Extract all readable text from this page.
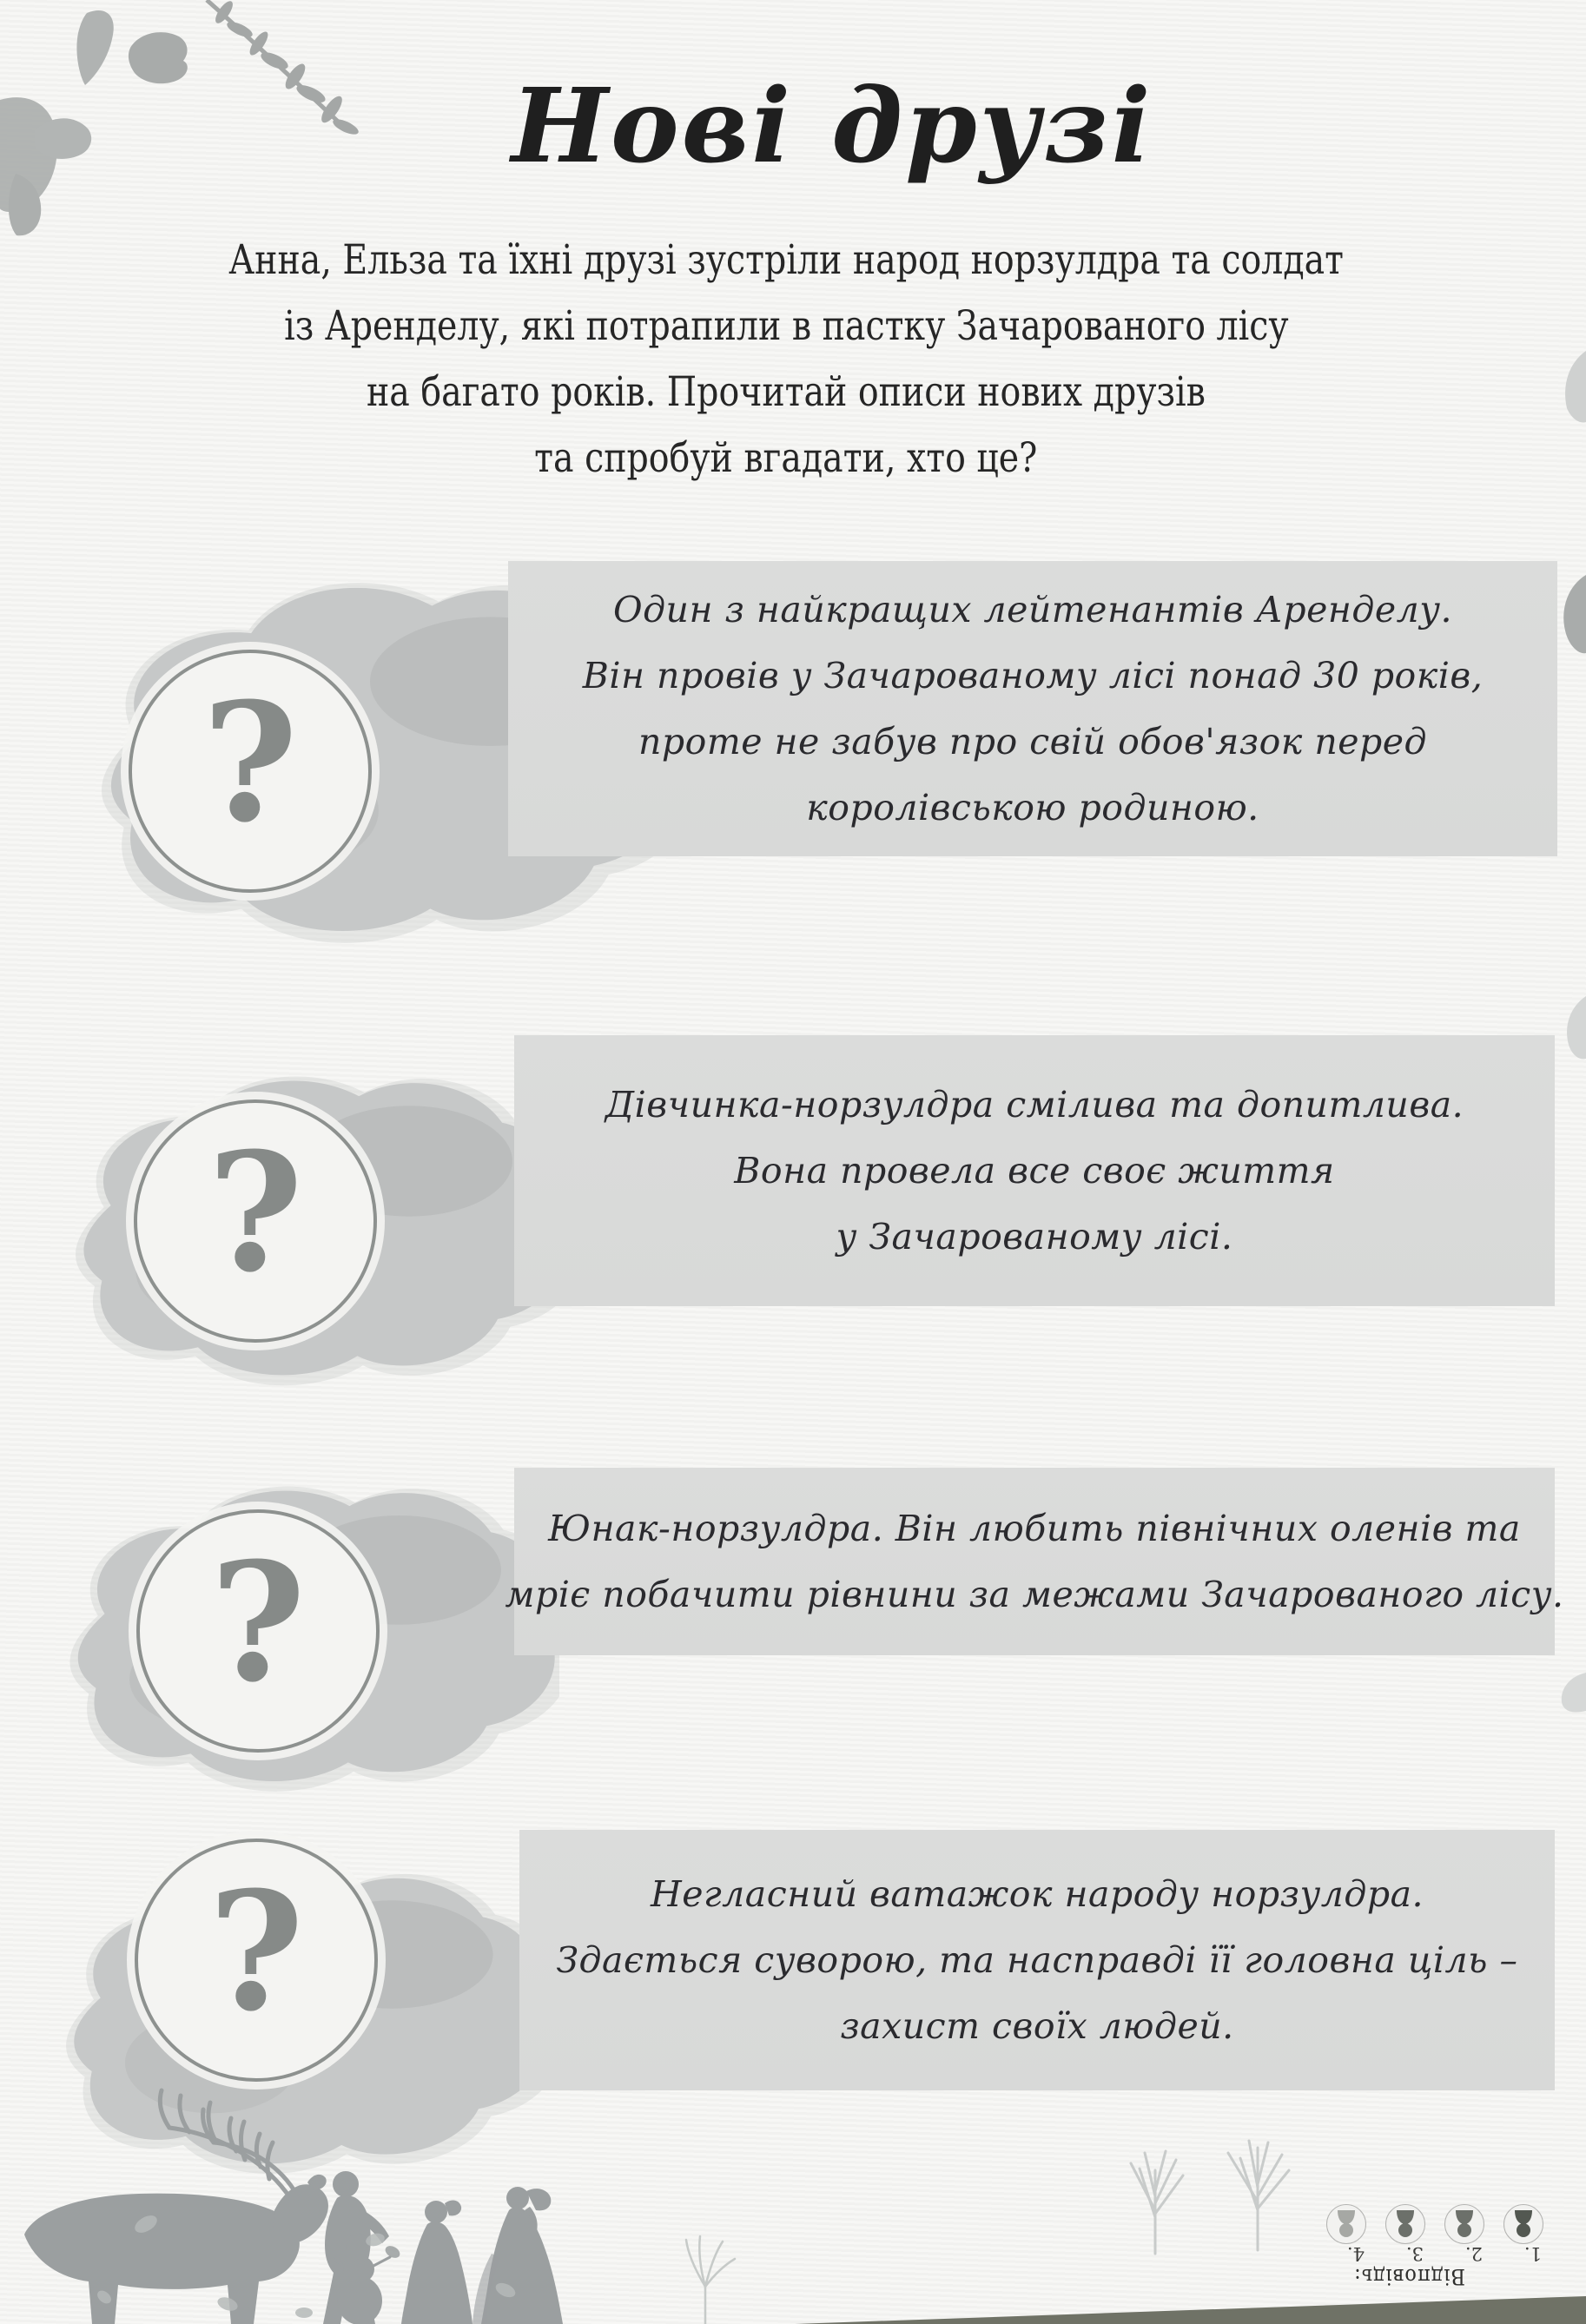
Нові друзі
Анна, Ельза та їхні друзі зустріли народ норзулдра та солдат
із Аренделу, які потрапили в пастку Зачарованого лісу
на багато років. Прочитай описи нових друзів
та спробуй вгадати, хто це?
?
Один з найкращих лейтенантів Аренделу.
Він провів у Зачарованому лісі понад 30 років,
проте не забув про свій обов'язок перед
королівською родиною.
?
Дівчинка-норзулдра смілива та допитлива.
Вона провела все своє життя
у Зачарованому лісі.
?	Юнак-норзулдра. Він любить північних оленів та
мріє побачити рівнини за межами Зачарованого лісу.
?	Негласний ватажок народу норзулдра.
Здається суворою, та насправді її головна ціль –
захист своїх людей.
Відповідь:
1.
2.
3.
4.
